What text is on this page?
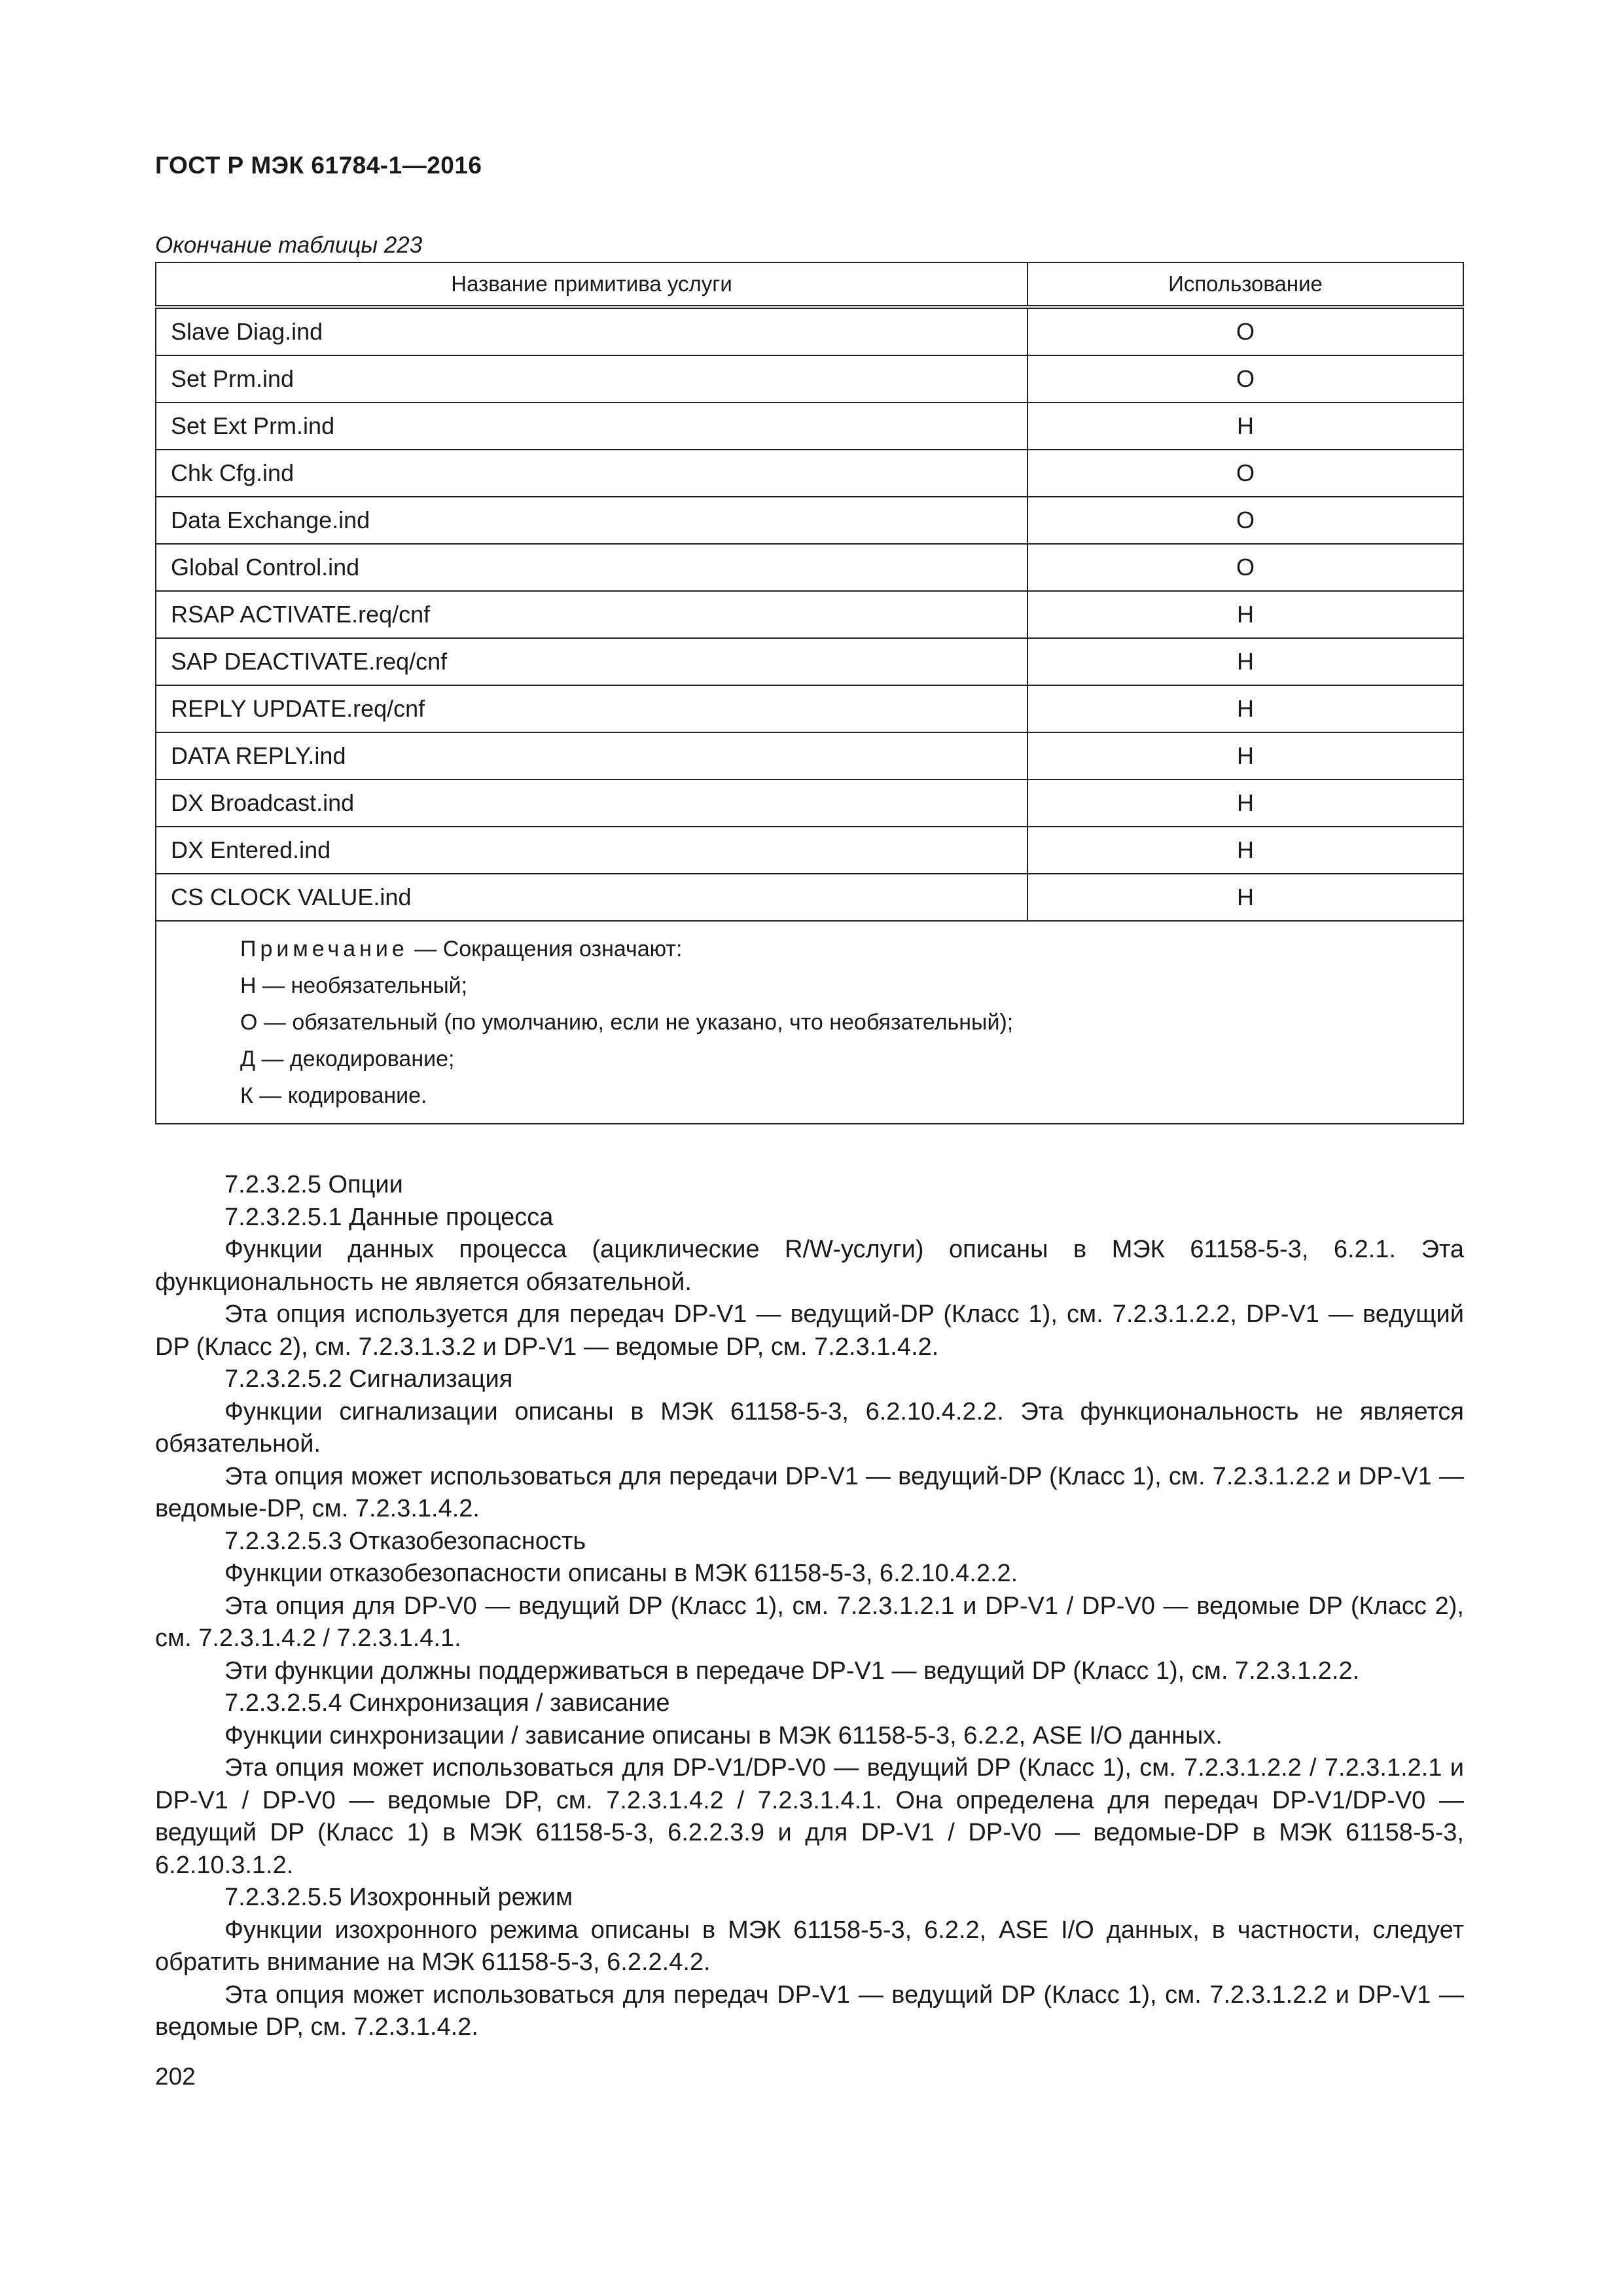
ГОСТ Р МЭК 61784-1—2016
Окончание таблицы 223
Название примитива услуги	Использование
Slave Diag.ind	О
Set Prm.ind	О
Set Ext Prm.ind	Н
Chk Cfg.ind	О
Data Exchange.ind	О
Global Control.ind	О
RSAP ACTIVATE.req/cnf	Н
SAP DEACTIVATE.req/cnf	Н
REPLY UPDATE.req/cnf	Н
DATA REPLY.ind	Н
DX Broadcast.ind	Н
DX Entered.ind	Н
CS CLOCK VALUE.ind	Н

Примечание — Сокращения означают:
Н — необязательный;
О — обязательный (по умолчанию, если не указано, что необязательный);
Д — декодирование;
К — кодирование.	

7.2.3.2.5 Опции

7.2.3.2.5.1 Данные процесса

Функции данных процесса (ациклические R/W-услуги) описаны в МЭК 61158-5-3, 6.2.1. Эта функциональность не является обязательной.

Эта опция используется для передач DP-V1 — ведущий-DP (Класс 1), см. 7.2.3.1.2.2, DP-V1 — ведущий DP (Класс 2), см. 7.2.3.1.3.2 и DP-V1 — ведомые DP, см. 7.2.3.1.4.2.

7.2.3.2.5.2 Сигнализация

Функции сигнализации описаны в МЭК 61158-5-3, 6.2.10.4.2.2. Эта функциональность не является обязательной.

Эта опция может использоваться для передачи DP-V1 — ведущий-DP (Класс 1), см. 7.2.3.1.2.2 и DP-V1 — ведомые-DP, см. 7.2.3.1.4.2.

7.2.3.2.5.3 Отказобезопасность

Функции отказобезопасности описаны в МЭК 61158-5-3, 6.2.10.4.2.2.

Эта опция для DP-V0 — ведущий DP (Класс 1), см. 7.2.3.1.2.1 и DP-V1 / DP-V0 — ведомые DP (Класс 2), см. 7.2.3.1.4.2 / 7.2.3.1.4.1.

Эти функции должны поддерживаться в передаче DP-V1 — ведущий DP (Класс 1), см. 7.2.3.1.2.2.

7.2.3.2.5.4 Синхронизация / зависание

Функции синхронизации / зависание описаны в МЭК 61158-5-3, 6.2.2, ASE I/O данных.

Эта опция может использоваться для DP-V1/DP-V0 — ведущий DP (Класс 1), см. 7.2.3.1.2.2 / 7.2.3.1.2.1 и DP-V1 / DP-V0 — ведомые DP, см. 7.2.3.1.4.2 / 7.2.3.1.4.1. Она определена для передач DP-V1/DP-V0 — ведущий DP (Класс 1) в МЭК 61158-5-3, 6.2.2.3.9 и для DP-V1 / DP-V0 — ведомые-DP в МЭК 61158-5-3, 6.2.10.3.1.2.

7.2.3.2.5.5 Изохронный режим

Функции изохронного режима описаны в МЭК 61158-5-3, 6.2.2, ASE I/O данных, в частности, следует обратить внимание на МЭК 61158-5-3, 6.2.2.4.2.

Эта опция может использоваться для передач DP-V1 — ведущий DP (Класс 1), см. 7.2.3.1.2.2 и DP-V1 — ведомые DP, см. 7.2.3.1.4.2.

202
